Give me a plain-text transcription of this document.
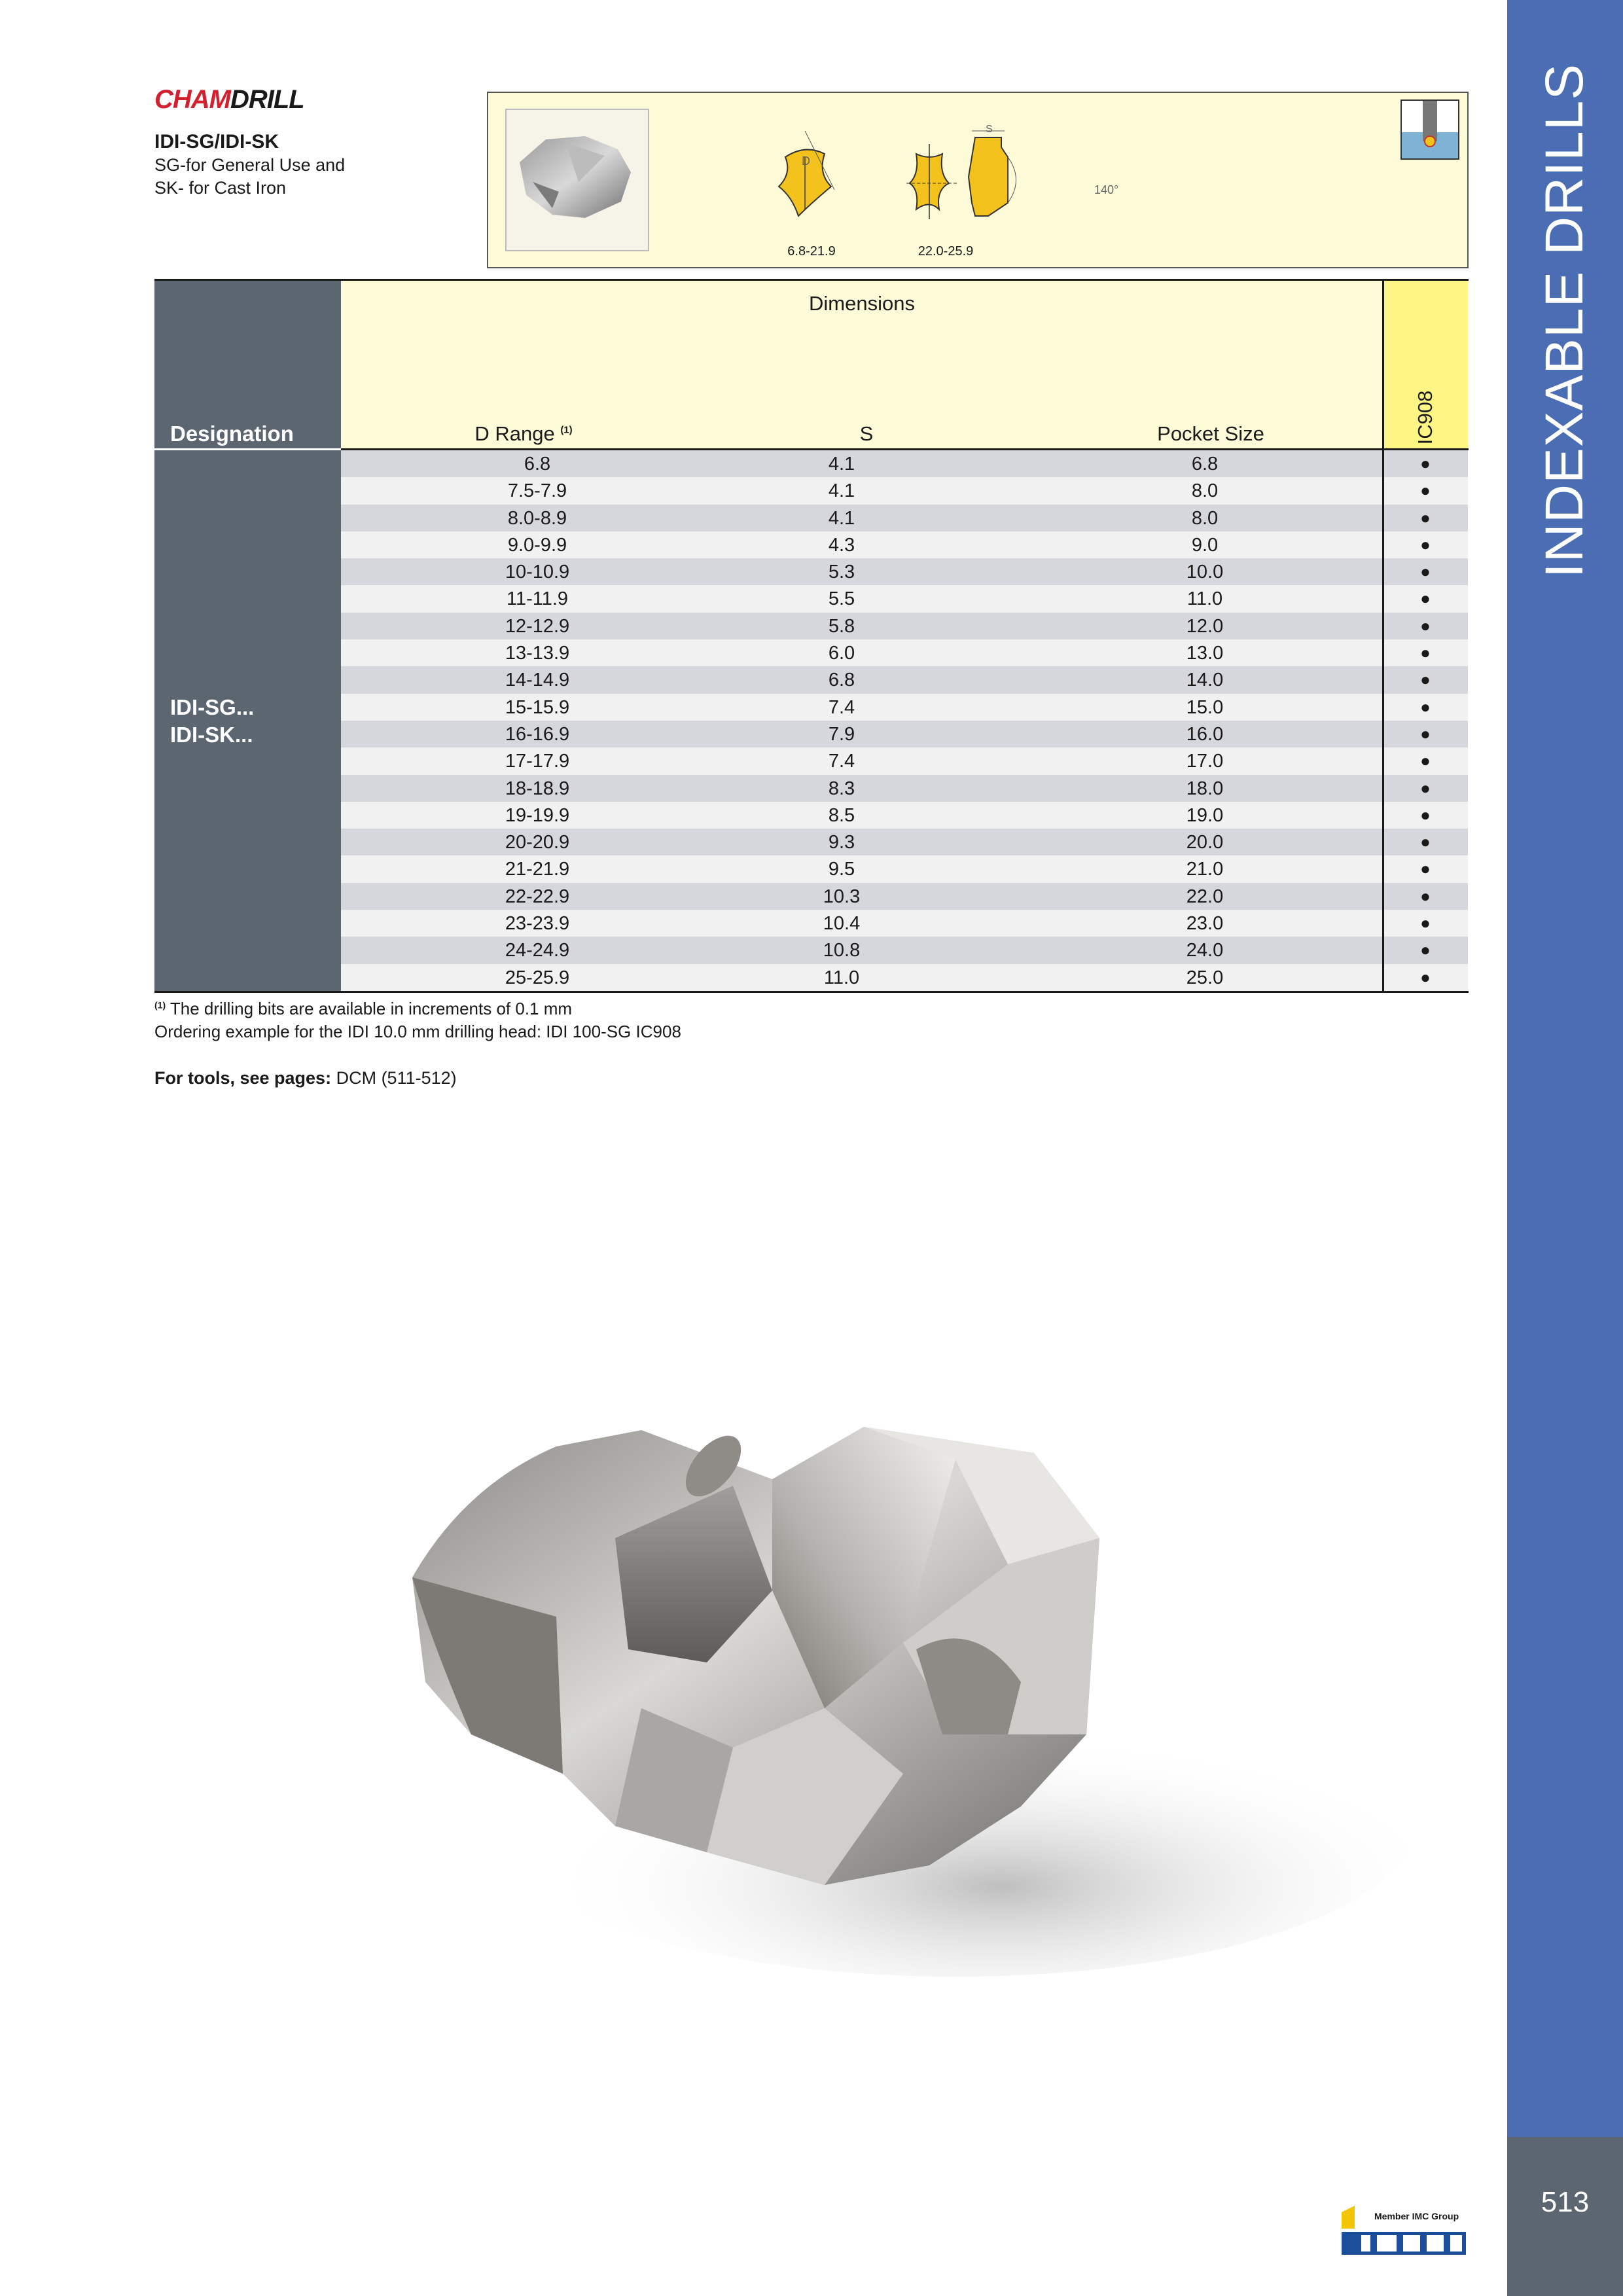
INDEXABLE DRILLS
513
CHAMDRILL
IDI-SG/IDI-SK
SG-for General Use and
SK- for Cast Iron
D
S
140°
6.8-21.9	22.0-25.9
Designation
Dimensions
D Range $^{(1)}$	S	Pocket Size	IC908
6.8	4.1	6.8	●
7.5-7.9	4.1	8.0	●
8.0-8.9	4.1	8.0	●
9.0-9.9	4.3	9.0	●
10-10.9	5.3	10.0	●
11-11.9	5.5	11.0	●
12-12.9	5.8	12.0	●
13-13.9	6.0	13.0	●
14-14.9	6.8	14.0	●
15-15.9	7.4	15.0	●
16-16.9	7.9	16.0	●
17-17.9	7.4	17.0	●
18-18.9	8.3	18.0	●
19-19.9	8.5	19.0	●
20-20.9	9.3	20.0	●
21-21.9	9.5	21.0	●
22-22.9	10.3	22.0	●
23-23.9	10.4	23.0	●
24-24.9	10.8	24.0	●
25-25.9	11.0	25.0	●
IDI-SG...
IDI-SK...
$^{(1)}$ The drilling bits are available in increments of 0.1 mm
Ordering example for the IDI 10.0 mm drilling head: IDI 100-SG IC908
For tools, see pages: DCM (511-512)
Member IMC Group
